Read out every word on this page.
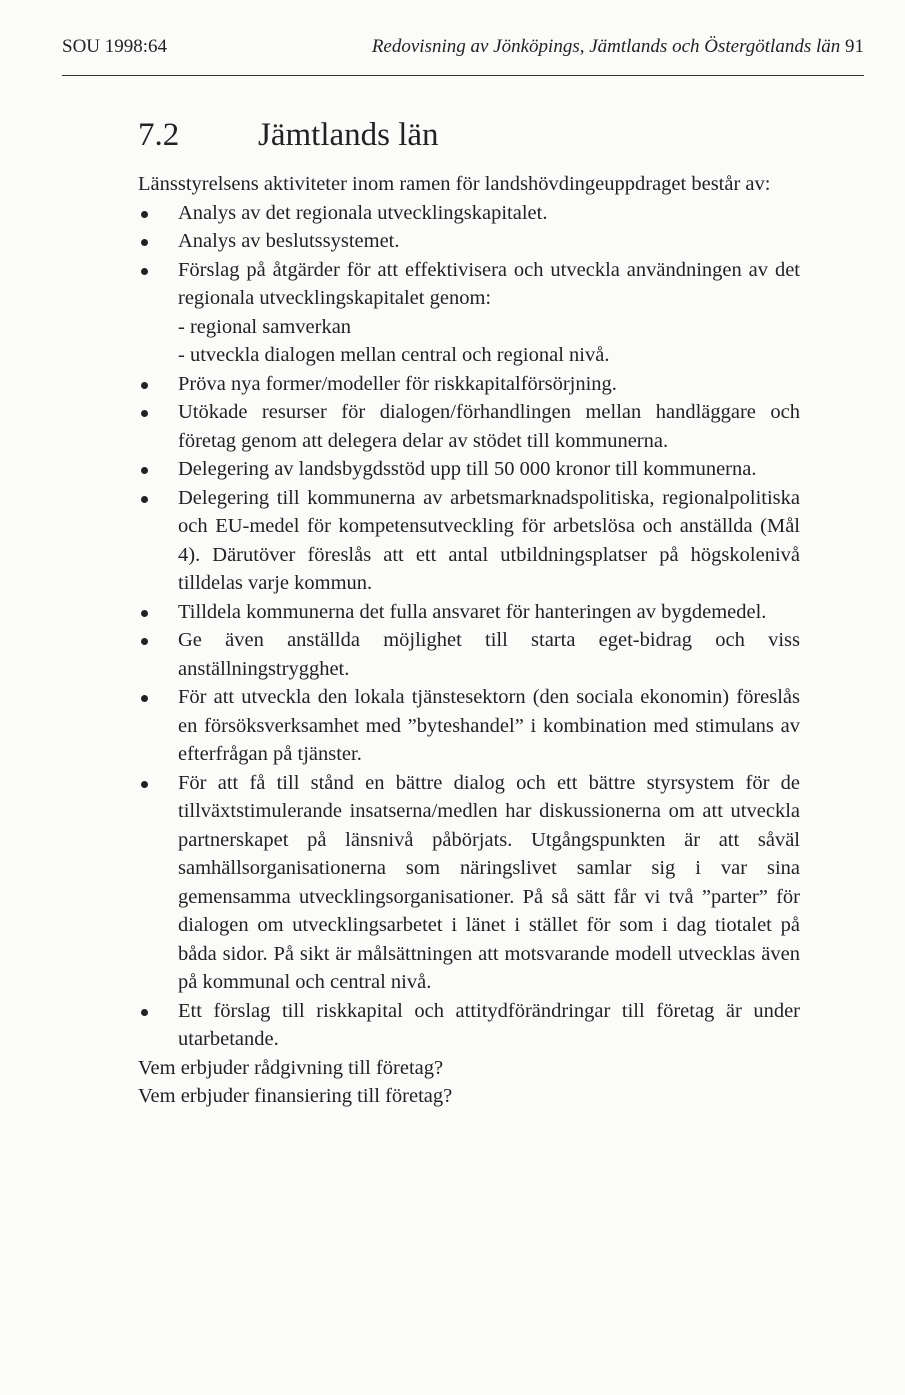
SOU 1998:64	Redovisning av Jönköpings, Jämtlands och Östergötlands län 91
7.2 Jämtlands län

Länsstyrelsens aktiviteter inom ramen för landshövdingeuppdraget består av:

Analys av det regionala utvecklingskapitalet.
Analys av beslutssystemet.
Förslag på åtgärder för att effektivisera och utveckla användningen av det regionala utvecklingskapitalet genom:
- regional samverkan
- utveckla dialogen mellan central och regional nivå.
Pröva nya former/modeller för riskkapitalförsörjning.
Utökade resurser för dialogen/förhandlingen mellan handläggare och företag genom att delegera delar av stödet till kommunerna.
Delegering av landsbygdsstöd upp till 50 000 kronor till kommunerna.
Delegering till kommunerna av arbetsmarknadspolitiska, regionalpolitiska och EU-medel för kompetensutveckling för arbetslösa och anställda (Mål 4). Därutöver föreslås att ett antal utbildningsplatser på högskolenivå tilldelas varje kommun.
Tilldela kommunerna det fulla ansvaret för hanteringen av bygdemedel.
Ge även anställda möjlighet till starta eget-bidrag och viss anställningstrygghet.
För att utveckla den lokala tjänstesektorn (den sociala ekonomin) föreslås en försöksverksamhet med ”byteshandel” i kombination med stimulans av efterfrågan på tjänster.
För att få till stånd en bättre dialog och ett bättre styrsystem för de tillväxtstimulerande insatserna/medlen har diskussionerna om att utveckla partnerskapet på länsnivå påbörjats. Utgångspunkten är att såväl samhällsorganisationerna som näringslivet samlar sig i var sina gemensamma utvecklingsorganisationer. På så sätt får vi två ”parter” för dialogen om utvecklingsarbetet i länet i stället för som i dag tiotalet på båda sidor. På sikt är målsättningen att motsvarande modell utvecklas även på kommunal och central nivå.
Ett förslag till riskkapital och attitydförändringar till företag är under utarbetande.
Vem erbjuder rådgivning till företag?
Vem erbjuder finansiering till företag?
